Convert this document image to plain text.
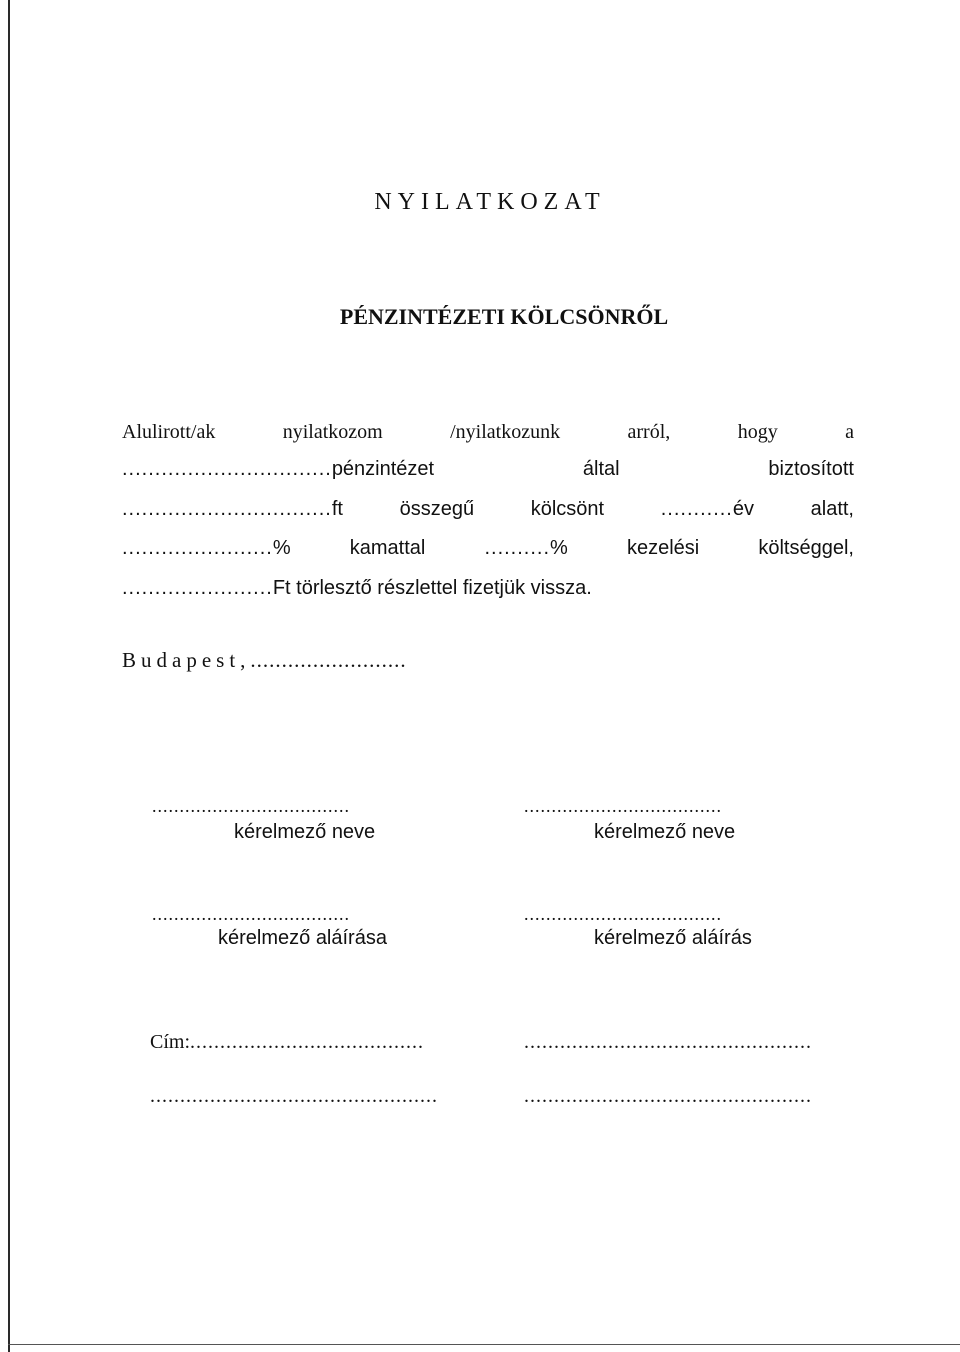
NYILATKOZAT
PÉNZINTÉZETI KÖLCSÖNRŐL
Alulirott/ak	nyilatkozom	/nyilatkozunk	arról,	hogy	a
................................pénzintézet	által	biztosított
................................ft	összegű	kölcsönt	...........év	alatt,
.......................%	kamattal	..........%	kezelési	költséggel,
.......................Ft törlesztő részlettel fizetjük vissza.
Budapest,.........................
....................................	....................................
kérelmező neve	kérelmező neve
....................................	....................................
kérelmező aláírása	kérelmező aláírás
Cím:.......................................	................................................
................................................	................................................
